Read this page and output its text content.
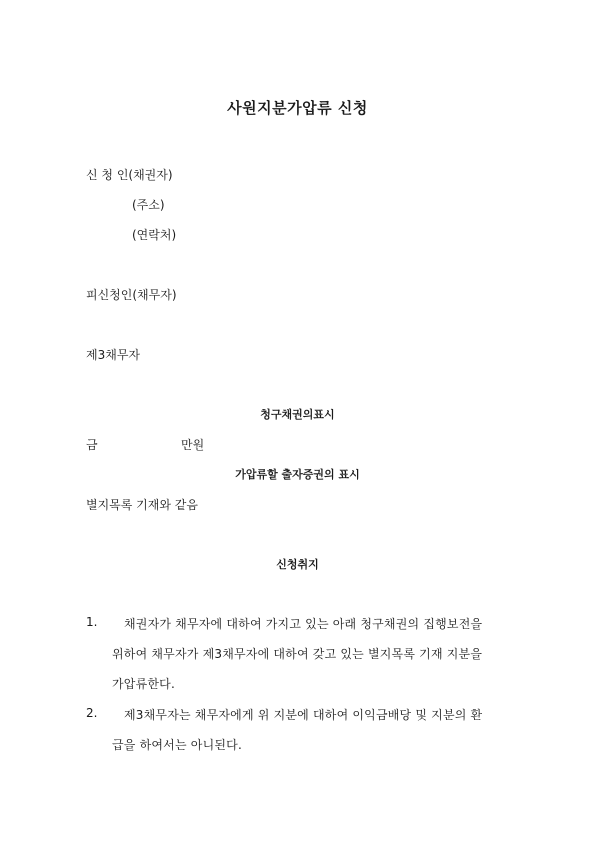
사원지분가압류 신청
신 청 인(채권자)
(주소)
(연락처)
피신청인(채무자)
제3채무자
청구채권의표시
금	만원
가압류할 출자증권의 표시
별지목록 기재와 같음
신청취지
1. 채권자가 채무자에 대하여 가지고 있는 아래 청구채권의 집행보전을
위하여 채무자가 제3채무자에 대하여 갖고 있는 별지목록 기재 지분을
가압류한다.
2. 제3채무자는 채무자에게 위 지분에 대하여 이익금배당 및 지분의 환
급을 하여서는 아니된다.
